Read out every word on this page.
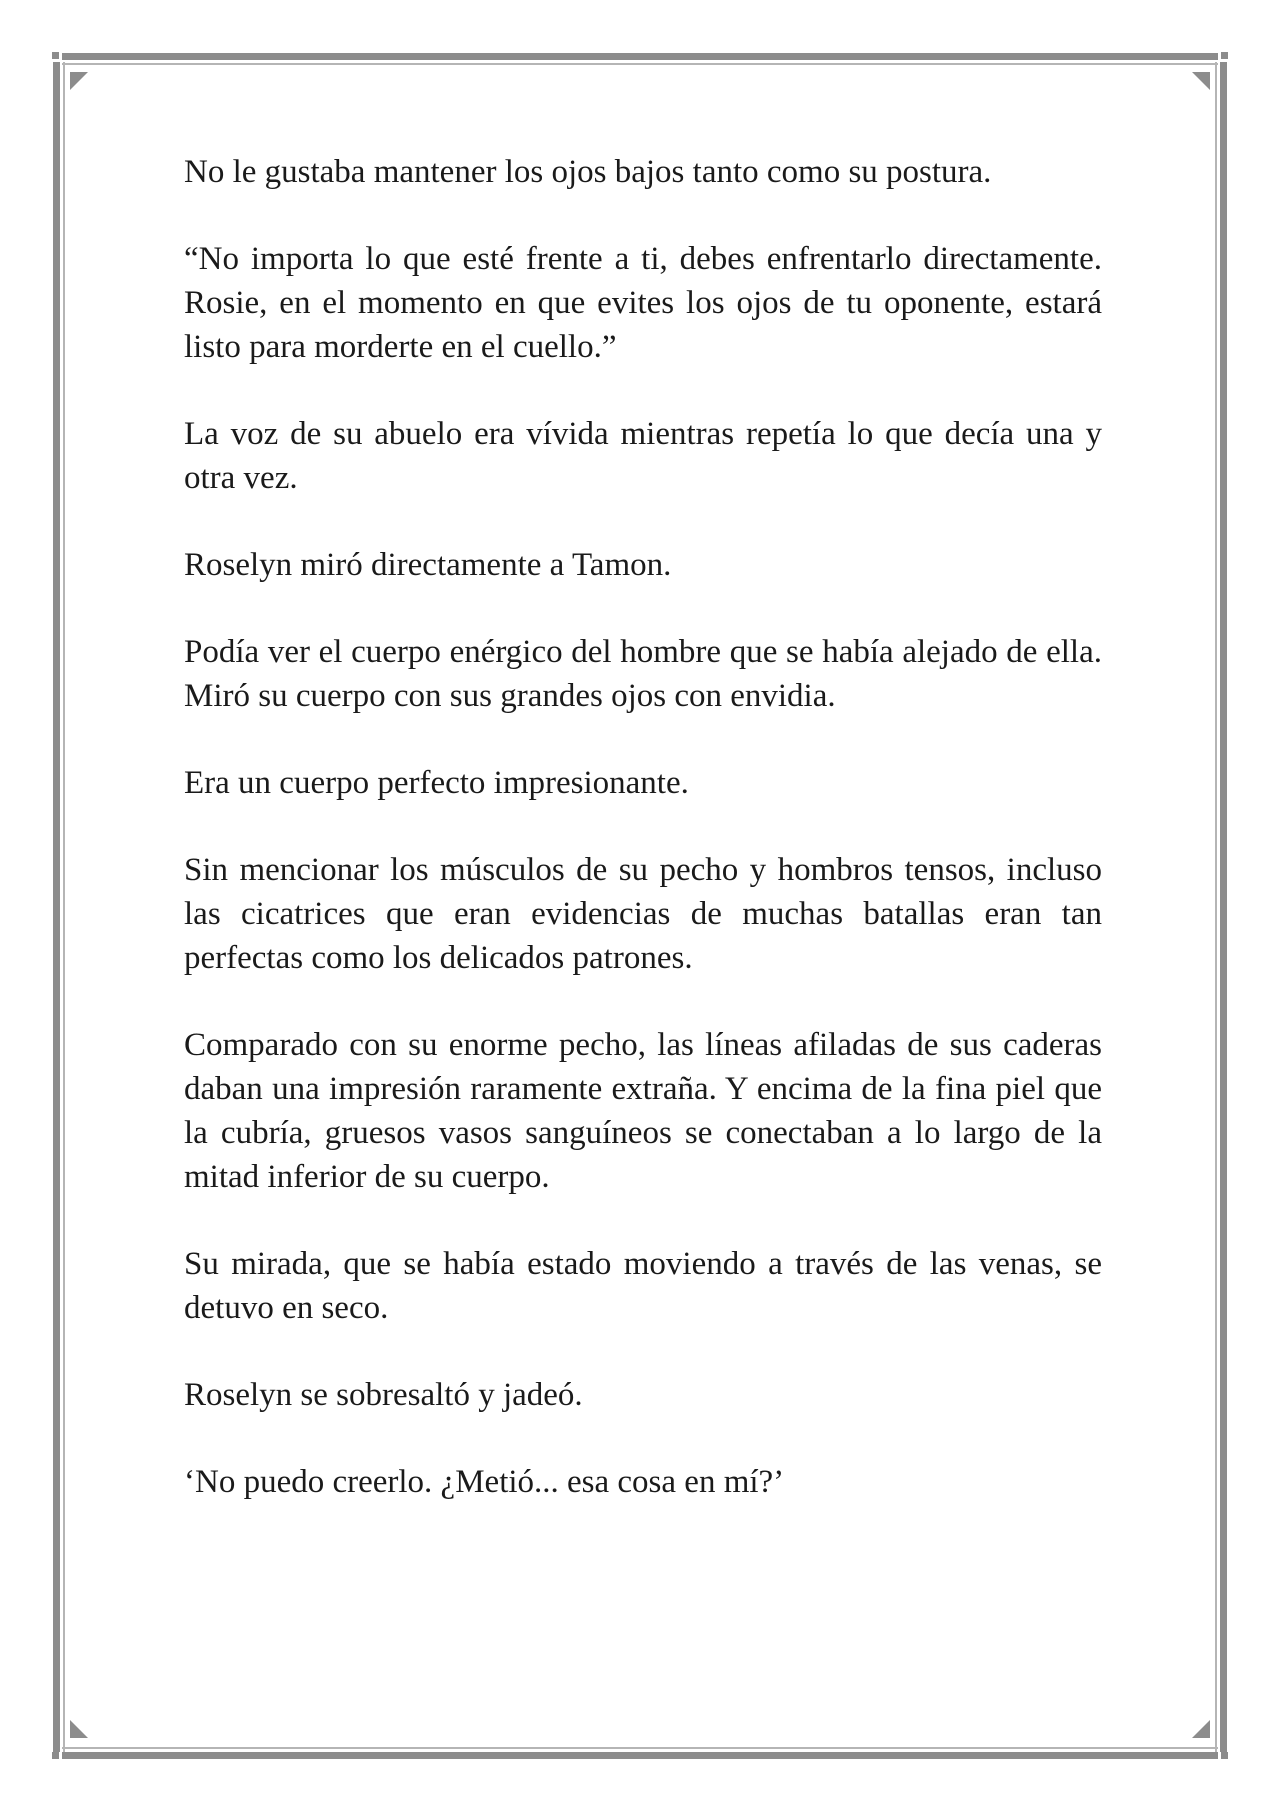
No le gustaba mantener los ojos bajos tanto como su postura.

“No importa lo que esté frente a ti, debes enfrentarlo directamente. Rosie, en el momento en que evites los ojos de tu oponente, estará listo para morderte en el cuello.”

La voz de su abuelo era vívida mientras repetía lo que decía una y otra vez.

Roselyn miró directamente a Tamon.

Podía ver el cuerpo enérgico del hombre que se había alejado de ella. Miró su cuerpo con sus grandes ojos con envidia.

Era un cuerpo perfecto impresionante.

Sin mencionar los músculos de su pecho y hombros tensos, incluso las cicatrices que eran evidencias de muchas batallas eran tan perfectas como los delicados patrones.

Comparado con su enorme pecho, las líneas afiladas de sus caderas daban una impresión raramente extraña. Y encima de la fina piel que la cubría, gruesos vasos sanguíneos se conectaban a lo largo de la mitad inferior de su cuerpo.

Su mirada, que se había estado moviendo a través de las venas, se detuvo en seco.

Roselyn se sobresaltó y jadeó.

‘No puedo creerlo. ¿Metió... esa cosa en mí?’
